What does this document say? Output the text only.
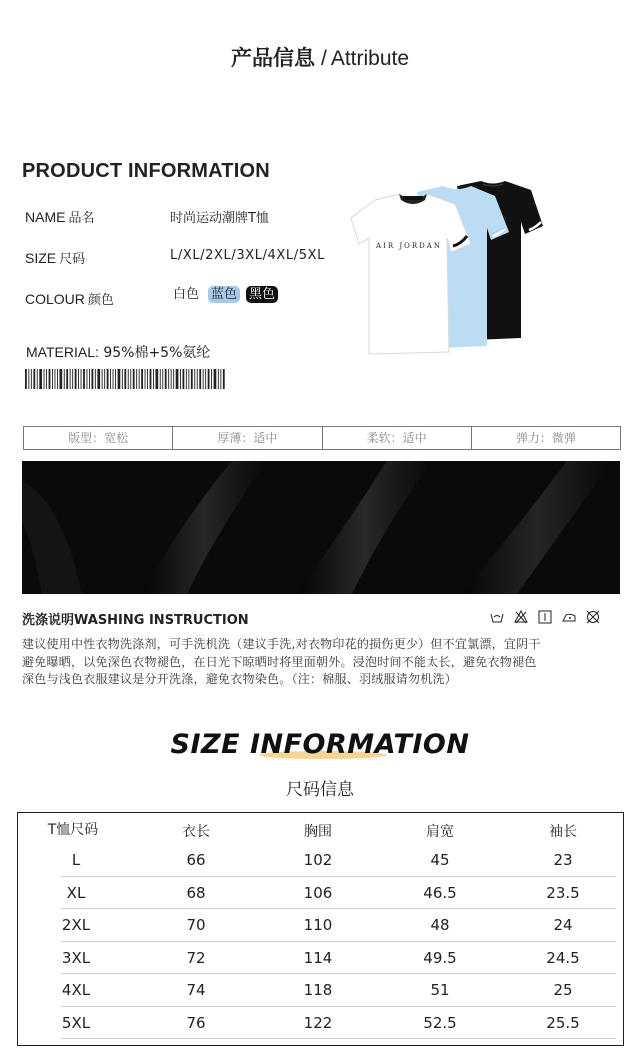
产品信息 / Attribute
PRODUCT INFORMATION
NAME 品名	时尚运动潮牌T恤
SIZE 尺码	L/XL/2XL/3XL/4XL/5XL
COLOUR 颜色	白色 蓝色 黑色
MATERIAL: 95%棉+5%氨纶
AIR JORDAN
版型：宽松	厚薄：适中	柔软：适中	弹力：微弹
洗涤说明WASHING INSTRUCTION
建议使用中性衣物洗涤剂，可手洗机洗（建议手洗,对衣物印花的损伤更少）但不宜氯漂，宜阴干
避免曝晒，以免深色衣物褪色，在日光下晾晒时将里面朝外。浸泡时间不能太长，避免衣物褪色
深色与浅色衣服建议是分开洗涤，避免衣物染色。（注：棉服、羽绒服请勿机洗）
SIZE INFORMATION
尺码信息
T恤尺码	衣长	胸围	肩宽	袖长
L	66	102	45	23
XL	68	106	46.5	23.5
2XL	70	110	48	24
3XL	72	114	49.5	24.5
4XL	74	118	51	25
5XL	76	122	52.5	25.5
